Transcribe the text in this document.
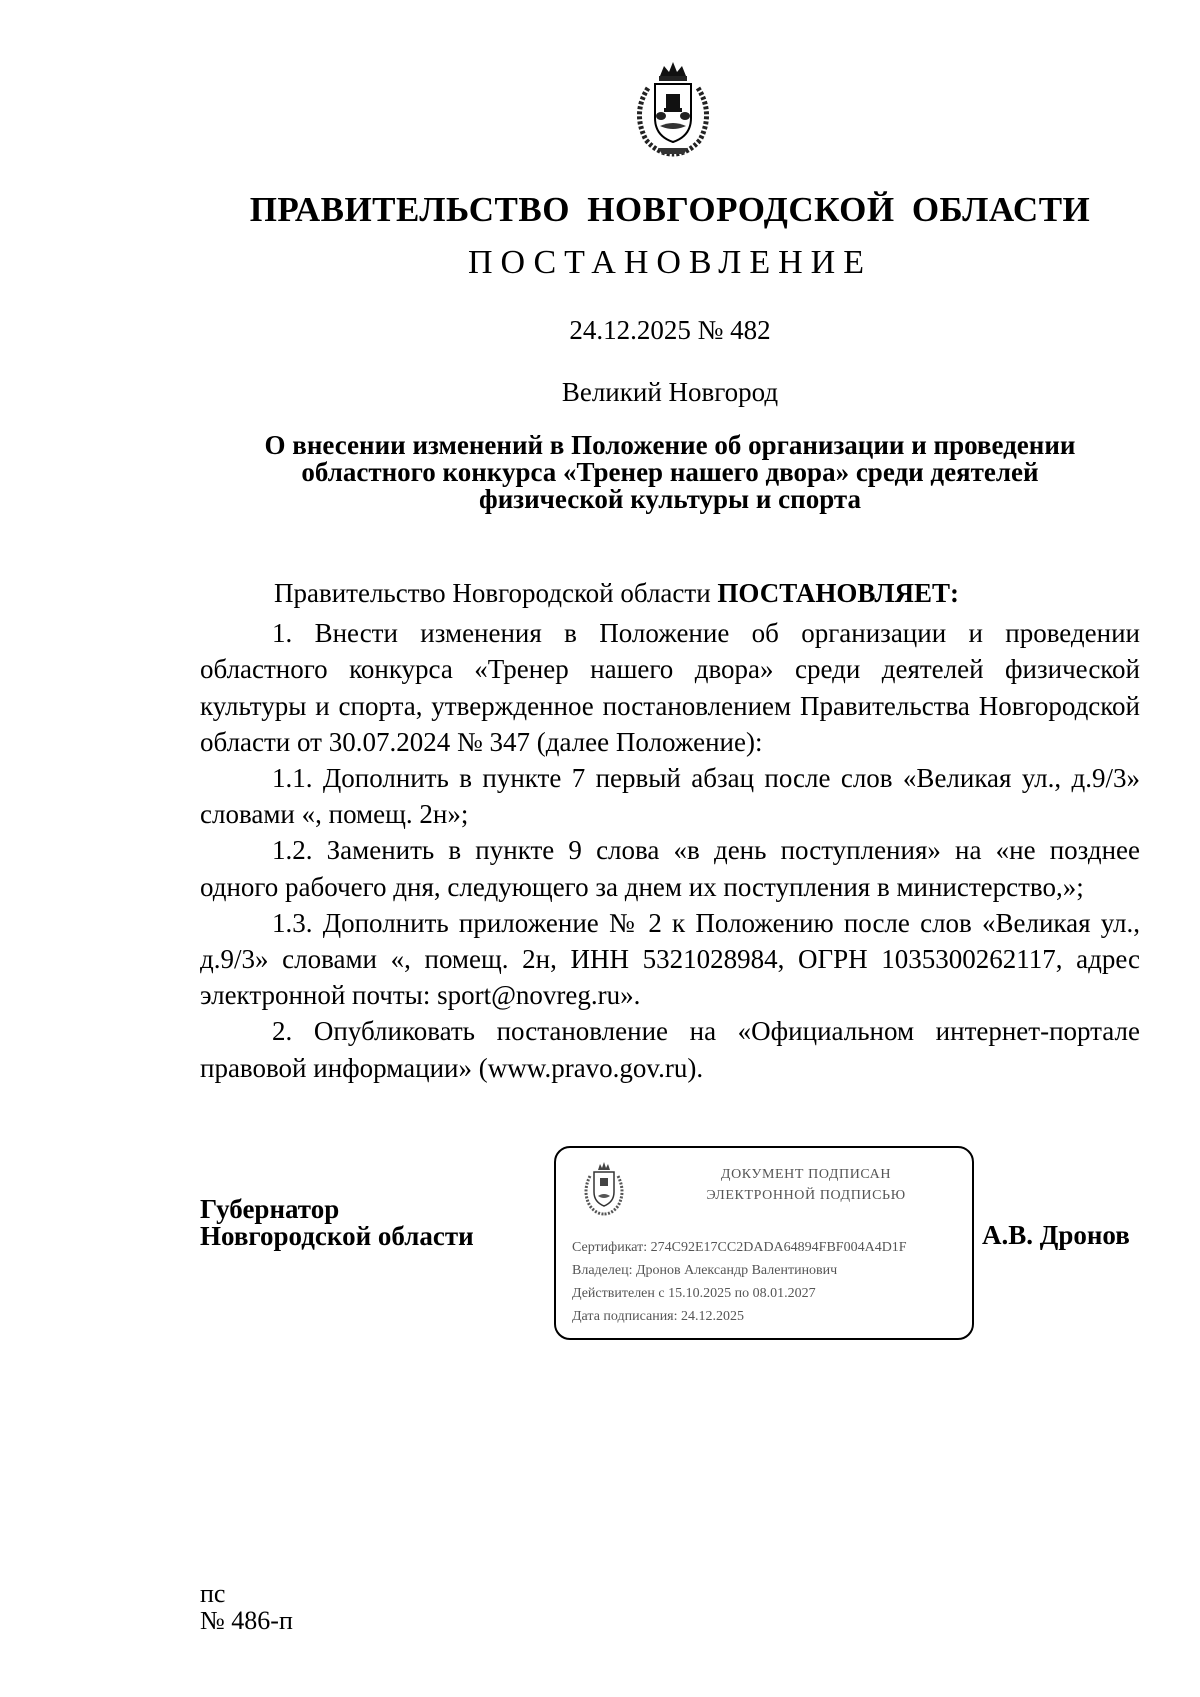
ПРАВИТЕЛЬСТВО НОВГОРОДСКОЙ ОБЛАСТИ
ПОСТАНОВЛЕНИЕ
24.12.2025 № 482
Великий Новгород
О внесении изменений в Положение об организации и проведении
областного конкурса «Тренер нашего двора» среди деятелей
физической культуры и спорта

Правительство Новгородской области ПОСТАНОВЛЯЕТ:

1. Внести изменения в Положение об организации и проведении областного конкурса «Тренер нашего двора» среди деятелей физической культуры и спорта, утвержденное постановлением Правительства Новгородской области от 30.07.2024 № 347 (далее Положение):

1.1. Дополнить в пункте 7 первый абзац после слов «Великая ул., д.9/3» словами «, помещ. 2н»;

1.2. Заменить в пункте 9 слова «в день поступления» на «не позднее одного рабочего дня, следующего за днем их поступления в министерство,»;

1.3. Дополнить приложение № 2 к Положению после слов «Великая ул., д.9/3» словами «, помещ. 2н, ИНН 5321028984, ОГРН 1035300262117, адрес электронной почты: sport@novreg.ru».

2. Опубликовать постановление на «Официальном интернет-портале правовой информации» (www.pravo.gov.ru).

Губернатор
Новгородской области
ДОКУМЕНТ ПОДПИСАН
ЭЛЕКТРОННОЙ ПОДПИСЬЮ
Сертификат: 274C92E17CC2DADA64894FBF004A4D1F
Владелец: Дронов Александр Валентинович
Действителен с 15.10.2025 по 08.01.2027
Дата подписания: 24.12.2025
А.В. Дронов
пс
№ 486-п
